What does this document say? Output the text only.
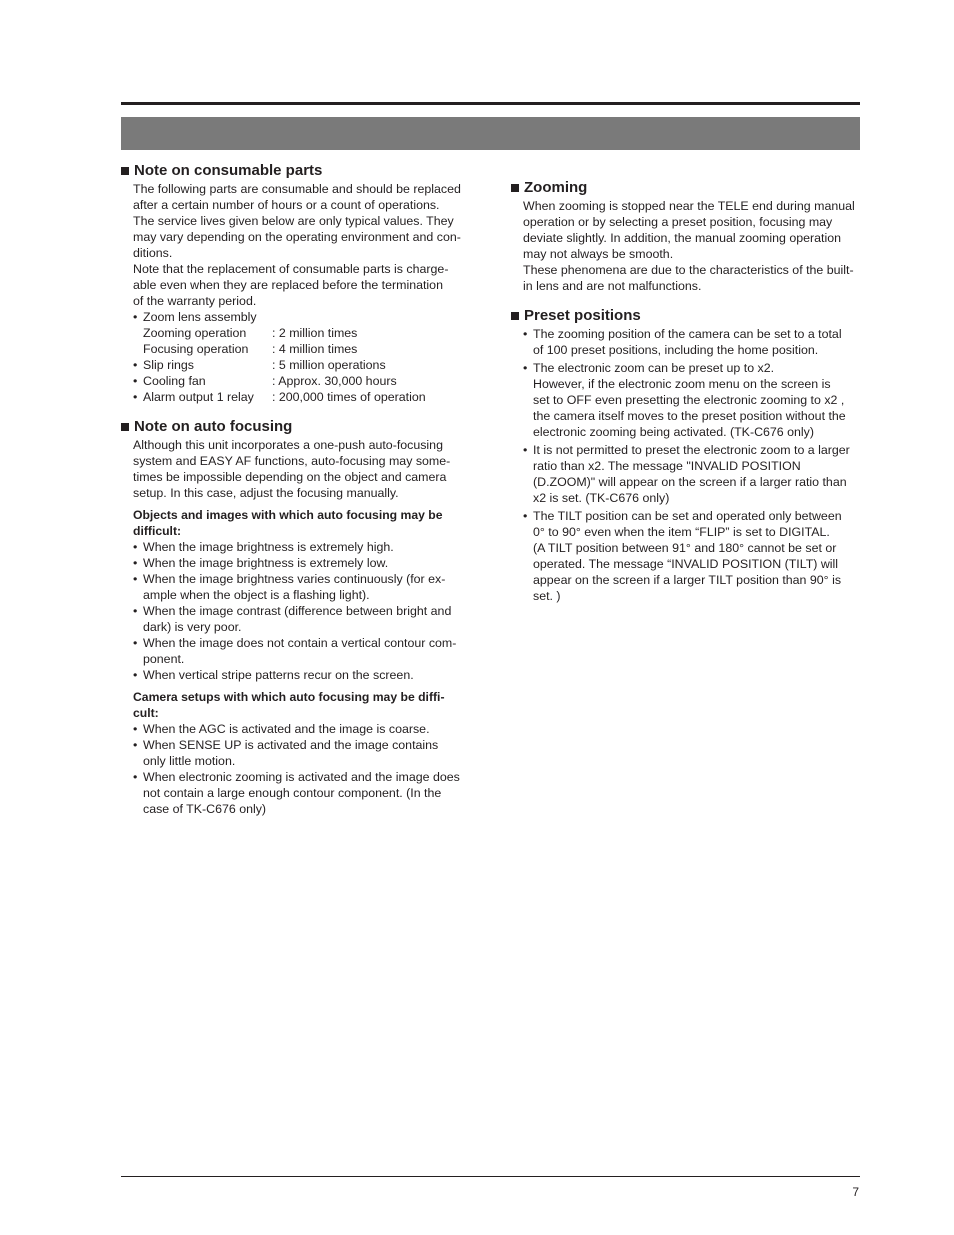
Note on consumable parts
The following parts are consumable and should be replaced
after a certain number of hours or a count of operations.
The service lives given below are only typical values. They
may vary depending on the operating environment and con-
ditions.
Note that the replacement of consumable parts is charge-
able even when they are replaced before the termination
of the warranty period.
• Zoom lens assembly

Zooming operation	: 2 million times

Focusing operation	: 4 million times

• Slip rings	: 5 million operations

• Cooling fan	: Approx. 30,000 hours

• Alarm output 1 relay	: 200,000 times of operation
Note on auto focusing
Although this unit incorporates a one-push auto-focusing
system and EASY AF functions, auto-focusing may some-
times be impossible depending on the object and camera
setup. In this case, adjust the focusing manually.
Objects and images with which auto focusing may be
difficult:
• When the image brightness is extremely high.
• When the image brightness is extremely low.
• When the image brightness varies continuously (for ex-
ample when the object is a flashing light).
• When the image contrast (difference between bright and
dark) is very poor.
• When the image does not contain a vertical contour com-
ponent.
• When vertical stripe patterns recur on the screen.
Camera setups with which auto focusing may be diffi-
cult:
• When the AGC is activated and the image is coarse.
• When SENSE UP is activated and the image contains
only little motion.
• When electronic zooming is activated and the image does
not contain a large enough contour component. (In the
case of TK-C676 only)
Zooming
When zooming is stopped near the TELE end during manual
operation or by selecting a preset position, focusing may
deviate slightly. In addition, the manual zooming operation
may not always be smooth.
These phenomena are due to the characteristics of the built-
in lens and are not malfunctions.
Preset positions
• The zooming position of the camera can be set to a total
of 100 preset positions, including the home position.
• The electronic zoom can be preset up to x2.
However, if the electronic zoom menu on the screen is
set to OFF even presetting the electronic zooming to x2 ,
the camera itself moves to the preset position without the
electronic zooming being activated. (TK-C676 only)
• It is not permitted to preset the electronic zoom to a larger
ratio than x2. The message "INVALID POSITION
(D.ZOOM)" will appear on the screen if a larger ratio than
x2 is set. (TK-C676 only)
• The TILT position can be set and operated only between
0° to 90° even when the item “FLIP” is set to DIGITAL.
(A TILT position between 91° and 180° cannot be set or
operated. The message “INVALID POSITION (TILT) will
appear on the screen if a larger TILT position than 90° is
set. )
7
